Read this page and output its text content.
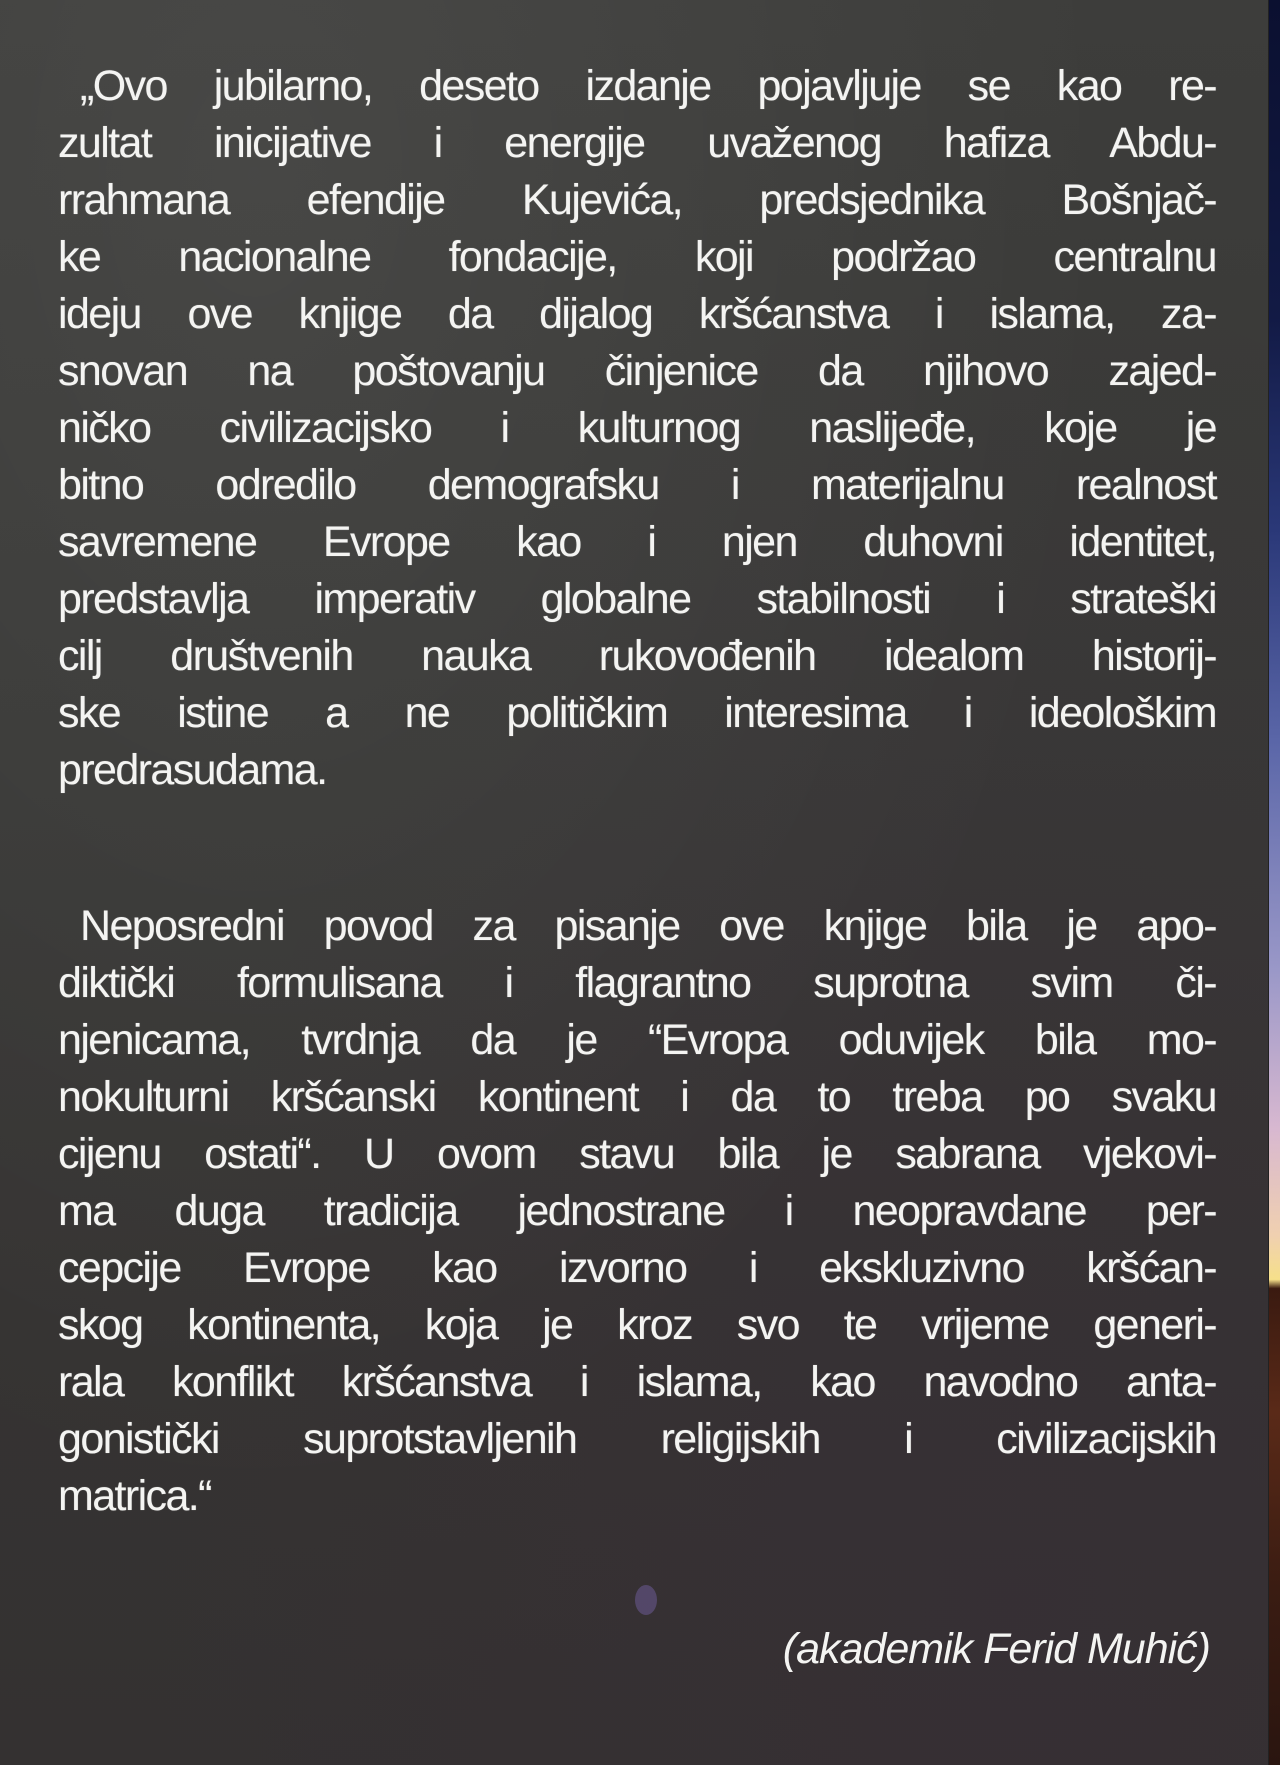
„Ovo jubilarno, deseto izdanje pojavljuje se kao re-
zultat inicijative i energije uvaženog hafiza Abdu-
rrahmana efendije Kujevića, predsjednika Bošnjač-
ke nacionalne fondacije, koji podržao centralnu
ideju ove knjige da dijalog kršćanstva i islama, za-
snovan na poštovanju činjenice da njihovo zajed-
ničko civilizacijsko i kulturnog naslijeđe, koje je
bitno odredilo demografsku i materijalnu realnost
savremene Evrope kao i njen duhovni identitet,
predstavlja imperativ globalne stabilnosti i strateški
cilj društvenih nauka rukovođenih idealom historij-
ske istine a ne političkim interesima i ideološkim
predrasudama.
Neposredni povod za pisanje ove knjige bila je apo-
diktički formulisana i flagrantno suprotna svim či-
njenicama, tvrdnja da je “Evropa oduvijek bila mo-
nokulturni kršćanski kontinent i da to treba po svaku
cijenu ostati“. U ovom stavu bila je sabrana vjekovi-
ma duga tradicija jednostrane i neopravdane per-
cepcije Evrope kao izvorno i ekskluzivno kršćan-
skog kontinenta, koja je kroz svo te vrijeme generi-
rala konflikt kršćanstva i islama, kao navodno anta-
gonistički suprotstavljenih religijskih i civilizacijskih
matrica.“
(akademik Ferid Muhić)
